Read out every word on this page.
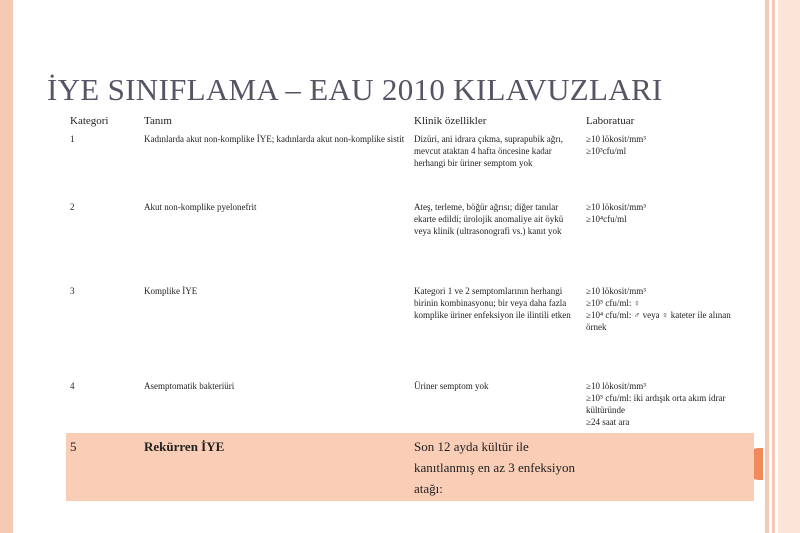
İYE SINIFLAMA – EAU 2010 KILAVUZLARI
Kategori	Tanım	Klinik özellikler	Laboratuar
1	Kadınlarda akut non-komplike İYE; kadınlarda akut non-komplike sistit	Dizüri, ani idrara çıkma, suprapubik ağrı, mevcut ataktan 4 hafta öncesine kadar herhangi bir üriner semptom yok	≥10 lökosit/mm³
≥10³cfu/ml

2	Akut non-komplike pyelonefrit	Ateş, terleme, böğür ağrısı; diğer tanılar ekarte edildi; ürolojik anomaliye ait öykü veya klinik (ultrasonografi vs.) kanıt yok	≥10 lökosit/mm³
≥10⁴cfu/ml

3	Komplike İYE	Kategori 1 ve 2 semptomlarının herhangi birinin kombinasyonu; bir veya daha fazla komplike üriner enfeksiyon ile ilintili etken	≥10 lökosit/mm³
≥10⁵ cfu/ml: ♀
≥10⁴ cfu/ml: ♂ veya ♀ kateter ile alınan örnek

4	Asemptomatik bakteriüri	Üriner semptom yok	≥10 lökosit/mm³
≥10⁵ cfu/ml: iki ardışık orta akım idrar kültüründe
≥24 saat ara

5	Rekürren İYE	Son 12 ayda kültür ile kanıtlanmış en az 3 enfeksiyon atağı:	
